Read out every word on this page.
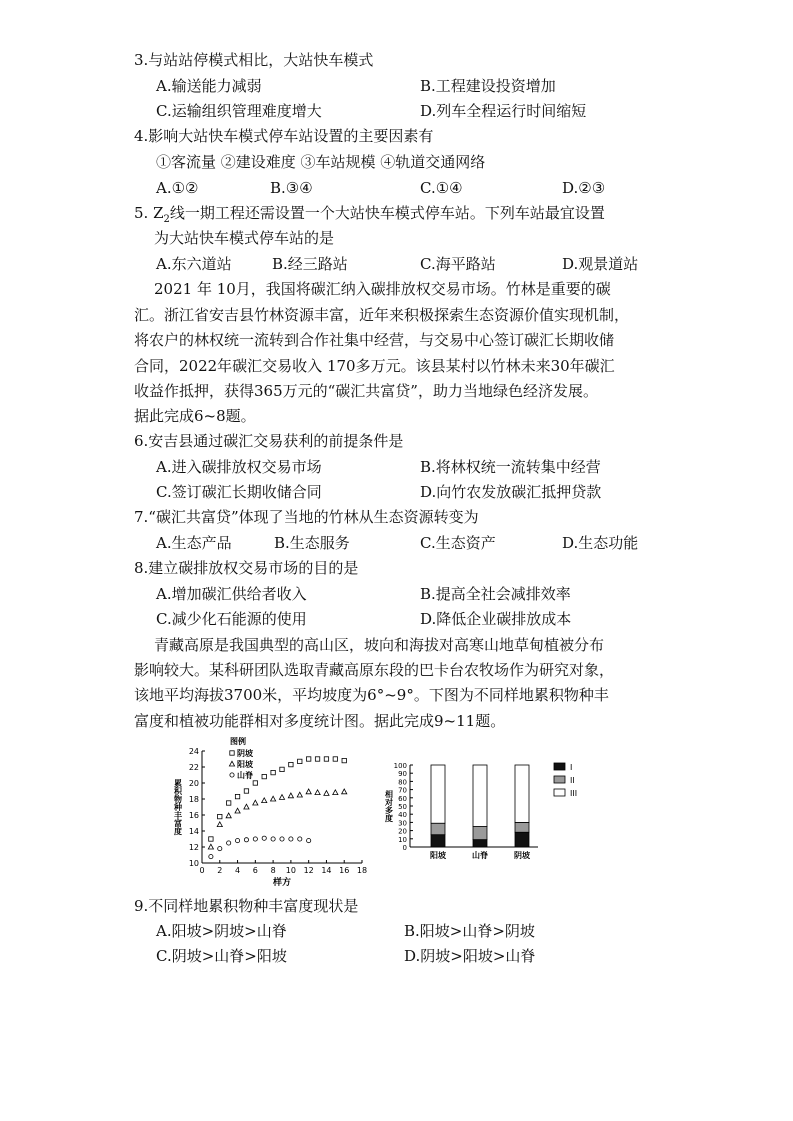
3.与站站停模式相比，大站快车模式
A.输送能力减弱	B.工程建设投资增加
C.运输组织管理难度增大	D.列车全程运行时间缩短
4.影响大站快车模式停车站设置的主要因素有
①客流量 ②建设难度 ③车站规模 ④轨道交通网络
A.①②	B.③④	C.①④	D.②③
5. $Z_2$线一期工程还需设置一个大站快车模式停车站。下列车站最宜设置
为大站快车模式停车站的是
A.东六道站	B.经三路站	C.海平路站	D.观景道站
2021 年 10月，我国将碳汇纳入碳排放权交易市场。竹林是重要的碳
汇。浙江省安吉县竹林资源丰富，近年来积极探索生态资源价值实现机制，
将农户的林权统一流转到合作社集中经营，与交易中心签订碳汇长期收储
合同，2022年碳汇交易收入 170多万元。该县某村以竹林未来30年碳汇
收益作抵押，获得365万元的“碳汇共富贷”，助力当地绿色经济发展。
据此完成6~8题。
6.安吉县通过碳汇交易获利的前提条件是
A.进入碳排放权交易市场	B.将林权统一流转集中经营
C.签订碳汇长期收储合同	D.向竹农发放碳汇抵押贷款
7.“碳汇共富贷”体现了当地的竹林从生态资源转变为
A.生态产品	B.生态服务	C.生态资产	D.生态功能
8.建立碳排放权交易市场的目的是
A.增加碳汇供给者收入	B.提高全社会减排效率
C.减少化石能源的使用	D.降低企业碳排放成本
青藏高原是我国典型的高山区，坡向和海拔对高寒山地草甸植被分布
影响较大。某科研团队选取青藏高原东段的巴卡台农牧场作为研究对象，
该地平均海拔3700米，平均坡度为6°~9°。下图为不同样地累积物种丰
富度和植被功能群相对多度统计图。据此完成9~11题。
10
12
14
16
18
20
22
24
0 2 4 6 8 10 12 14 16 18
样方
累积物种丰富度
图例
阴坡
阳坡
山脊
0
10
20
30
40
50
60
70
80
90
100
相对多度
阳坡	山脊	阴坡
I
II
III
9.不同样地累积物种丰富度现状是
A.阳坡>阴坡>山脊	B.阳坡>山脊>阴坡
C.阴坡>山脊>阳坡	D.阴坡>阳坡>山脊
